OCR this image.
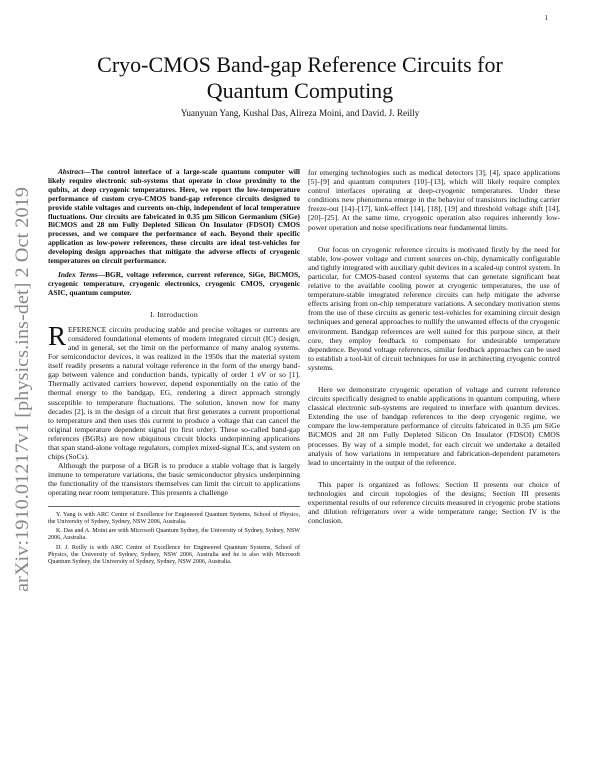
1
arXiv:1910.01217v1 [physics.ins-det] 2 Oct 2019
Cryo-CMOS Band-gap Reference Circuits for
Quantum Computing
Yuanyuan Yang, Kushal Das, Alireza Moini, and David. J. Reilly

Abstract—The control interface of a large-scale quantum computer will likely require electronic sub-systems that operate in close proximity to the qubits, at deep cryogenic temperatures. Here, we report the low-temperature performance of custom cryo-CMOS band-gap reference circuits designed to provide stable voltages and currents on-chip, independent of local temperature fluctuations. Our circuits are fabricated in 0.35 μm Silicon Germanium (SiGe) BiCMOS and 28 nm Fully Depleted Silicon On Insulator (FDSOI) CMOS processes, and we compare the performance of each. Beyond their specific application as low-power references, these circuits are ideal test-vehicles for developing design approaches that mitigate the adverse effects of cryogenic temperatures on circuit performance.

Index Terms—BGR, voltage reference, current reference, SiGe, BiCMOS, cryogenic temperature, cryogenic electronics, cryogenic CMOS, cryogenic ASIC, quantum computer.

I. Introduction

REFERENCE circuits producing stable and precise voltages or currents are considered foundational elements of modern integrated circuit (IC) design, and in general, set the limit on the performance of many analog systems. For semiconductor devices, it was realized in the 1950s that the material system itself readily presents a natural voltage reference in the form of the energy band-gap between valence and conduction bands, typically of order 1 eV or so [1]. Thermally activated carriers however, depend exponentially on the ratio of the thermal energy to the bandgap, EG, rendering a direct approach strongly susceptible to temperature fluctuations. The solution, known now for many decades [2], is in the design of a circuit that first generates a current proportional to temperature and then uses this current to produce a voltage that can cancel the original temperature dependent signal (to first order). These so-called band-gap references (BGRs) are now ubiquitous circuit blocks underpinning applications that span stand-alone voltage regulators, complex mixed-signal ICs, and system on chips (SoCs).

Although the purpose of a BGR is to produce a stable voltage that is largely immune to temperature variations, the basic semiconductor physics underpinning the functionality of the transistors themselves can limit the circuit to applications operating near room temperature. This presents a challenge

Y. Yang is with ARC Centre of Excellence for Engineered Quantum Systems, School of Physics, the University of Sydney, Sydney, NSW 2006, Australia.

K. Das and A. Moini are with Microsoft Quantum Sydney, the University of Sydney, Sydney, NSW 2006, Australia.

D. J. Reilly is with ARC Centre of Excellence for Engineered Quantum Systems, School of Physics, the University of Sydney, Sydney, NSW 2006, Australia and he is also with Microsoft Quantum Sydney, the University of Sydney, Sydney, NSW 2006, Australia.

for emerging technologies such as medical detectors [3], [4], space applications [5]–[9] and quantum computers [10]–[13], which will likely require complex control interfaces operating at deep-cryogenic temperatures. Under these conditions new phenomena emerge in the behavior of transistors including carrier freeze-out [14]–[17], kink-effect [14], [18], [19] and threshold voltage shift [14], [20]–[25]. At the same time, cryogenic operation also requires inherently low-power operation and noise specifications near fundamental limits.

Our focus on cryogenic reference circuits is motivated firstly by the need for stable, low-power voltage and current sources on-chip, dynamically configurable and tightly integrated with auxiliary qubit devices in a scaled-up control system. In particular, for CMOS-based control systems that can generate significant heat relative to the available cooling power at cryogenic temperatures, the use of temperature-stable integrated reference circuits can help mitigate the adverse effects arising from on-chip temperature variations. A secondary motivation stems from the use of these circuits as generic test-vehicles for examining circuit design techniques and general approaches to nullify the unwanted effects of the cryogenic environment. Bandgap references are well suited for this purpose since, at their core, they employ feedback to compensate for undesirable temperature dependence. Beyond voltage references, similar feedback approaches can be used to establish a tool-kit of circuit techniques for use in architecting cryogenic control systems.

Here we demonstrate cryogenic operation of voltage and current reference circuits specifically designed to enable applications in quantum computing, where classical electronic sub-systems are required to interface with quantum devices. Extending the use of bandgap references to the deep cryogenic regime, we compare the low-temperature performance of circuits fabricated in 0.35 μm SiGe BiCMOS and 28 nm Fully Depleted Silicon On Insulator (FDSOI) CMOS processes. By way of a simple model, for each circuit we undertake a detailed analysis of how variations in temperature and fabrication-dependent parameters lead to uncertainty in the output of the reference.

This paper is organized as follows: Section II presents our choice of technologies and circuit topologies of the designs; Section III presents experimental results of our reference circuits measured in cryogenic probe stations and dilution refrigerators over a wide temperature range; Section IV is the conclusion.
